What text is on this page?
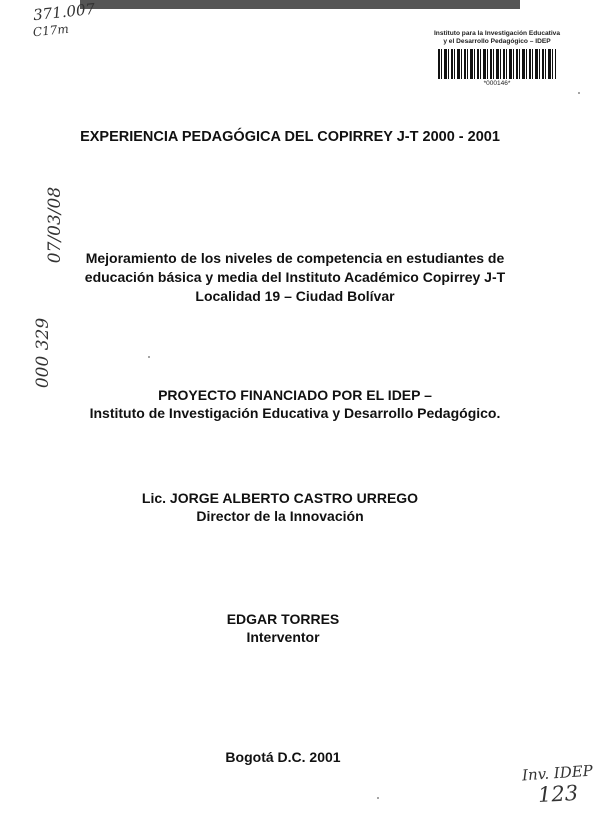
371.007
C17m
07/03/08
000 329
Instituto para la Investigación Educativa
y el Desarrollo Pedagógico – IDEP
*000146*
EXPERIENCIA PEDAGÓGICA DEL COPIRREY J-T 2000 - 2001
Mejoramiento de los niveles de competencia en estudiantes de
educación básica y media del Instituto Académico Copirrey J-T
Localidad 19 – Ciudad Bolívar
PROYECTO FINANCIADO POR EL IDEP –
Instituto de Investigación Educativa y Desarrollo Pedagógico.
Lic. JORGE ALBERTO CASTRO URREGO
Director de la Innovación
EDGAR TORRES
Interventor
Bogotá D.C. 2001
Inv. IDEP
123
